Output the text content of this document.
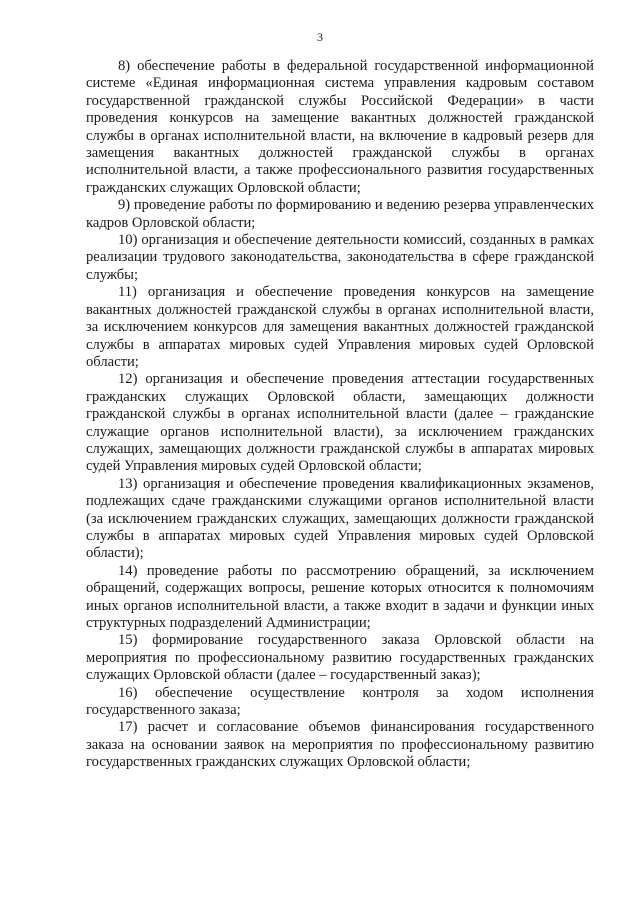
3

8) обеспечение работы в федеральной государственной информационной системе «Единая информационная система управления кадровым составом государственной гражданской службы Российской Федерации» в части проведения конкурсов на замещение вакантных должностей гражданской службы в органах исполнительной власти, на включение в кадровый резерв для замещения вакантных должностей гражданской службы в органах исполнительной власти, а также профессионального развития государственных гражданских служащих Орловской области;

9) проведение работы по формированию и ведению резерва управленческих кадров Орловской области;

10) организация и обеспечение деятельности комиссий, созданных в рамках реализации трудового законодательства, законодательства в сфере гражданской службы;

11) организация и обеспечение проведения конкурсов на замещение вакантных должностей гражданской службы в органах исполнительной власти, за исключением конкурсов для замещения вакантных должностей гражданской службы в аппаратах мировых судей Управления мировых судей Орловской области;

12) организация и обеспечение проведения аттестации государственных гражданских служащих Орловской области, замещающих должности гражданской службы в органах исполнительной власти (далее – гражданские служащие органов исполнительной власти), за исключением гражданских служащих, замещающих должности гражданской службы в аппаратах мировых судей Управления мировых судей Орловской области;

13) организация и обеспечение проведения квалификационных экзаменов, подлежащих сдаче гражданскими служащими органов исполнительной власти (за исключением гражданских служащих, замещающих должности гражданской службы в аппаратах мировых судей Управления мировых судей Орловской области);

14) проведение работы по рассмотрению обращений, за исключением обращений, содержащих вопросы, решение которых относится к полномочиям иных органов исполнительной власти, а также входит в задачи и функции иных структурных подразделений Администрации;

15) формирование государственного заказа Орловской области на мероприятия по профессиональному развитию государственных гражданских служащих Орловской области (далее – государственный заказ);

16) обеспечение осуществление контроля за ходом исполнения государственного заказа;

17) расчет и согласование объемов финансирования государственного заказа на основании заявок на мероприятия по профессиональному развитию государственных гражданских служащих Орловской области;
